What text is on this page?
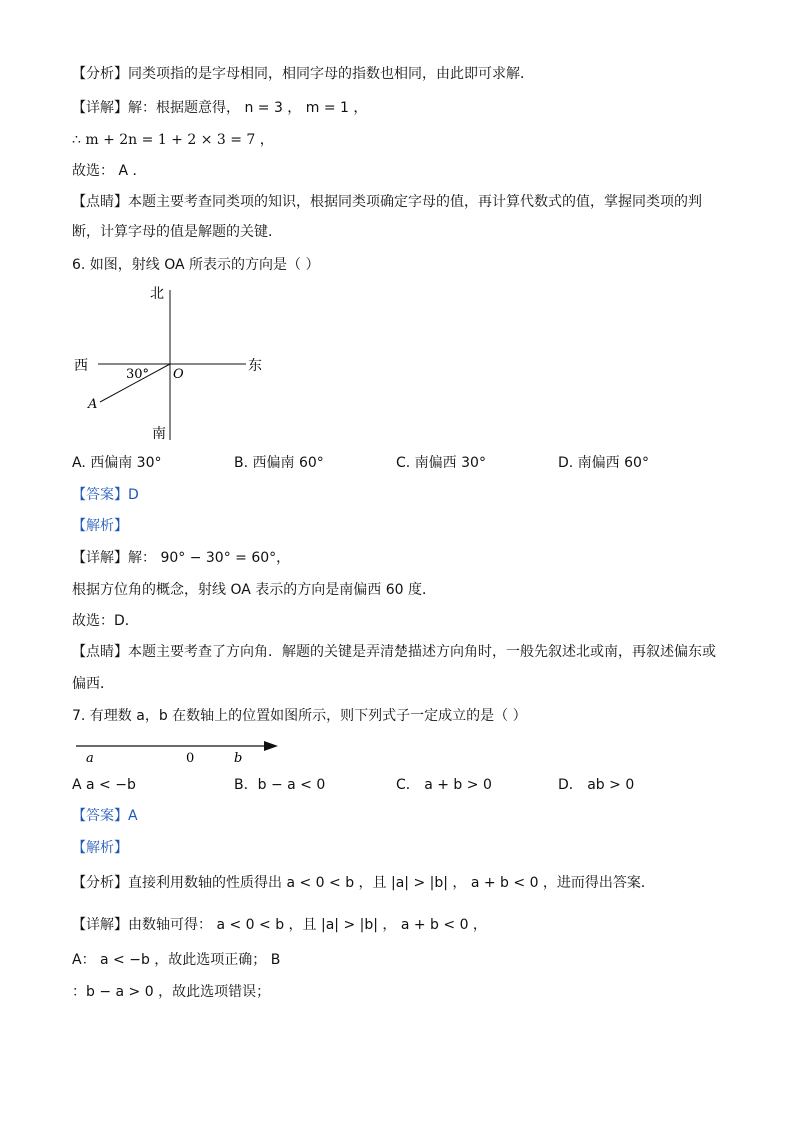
【分析】同类项指的是字母相同，相同字母的指数也相同，由此即可求解．
【详解】解：根据题意得， n = 3 ， m = 1 ，
∴ m + 2n = 1 + 2 × 3 = 7 ，
故选： A ．
【点睛】本题主要考查同类项的知识，根据同类项确定字母的值，再计算代数式的值，掌握同类项的判
断，计算字母的值是解题的关键．
6. 如图，射线 OA 所表示的方向是（ ）
北
南
西	东
O
A
30°
A. 西偏南 30°	B. 西偏南 60°	C. 南偏西 30°	D. 南偏西 60°
【答案】D
【解析】
【详解】解： 90° − 30° = 60°，
根据方位角的概念，射线 OA 表示的方向是南偏西 60 度．
故选：D．
【点睛】本题主要考查了方向角．解题的关键是弄清楚描述方向角时，一般先叙述北或南，再叙述偏东或
偏西．
7. 有理数 a，b 在数轴上的位置如图所示，则下列式子一定成立的是（ ）
a	0	b
A a < −b	B．b − a < 0	C． a + b > 0	D． ab > 0
【答案】A
【解析】
【分析】直接利用数轴的性质得出 a < 0 < b ，且 |a| > |b| ， a + b < 0 ，进而得出答案．
【详解】由数轴可得： a < 0 < b ，且 |a| > |b| ， a + b < 0 ，
A： a < −b ，故此选项正确； B
：b − a > 0 ，故此选项错误；
